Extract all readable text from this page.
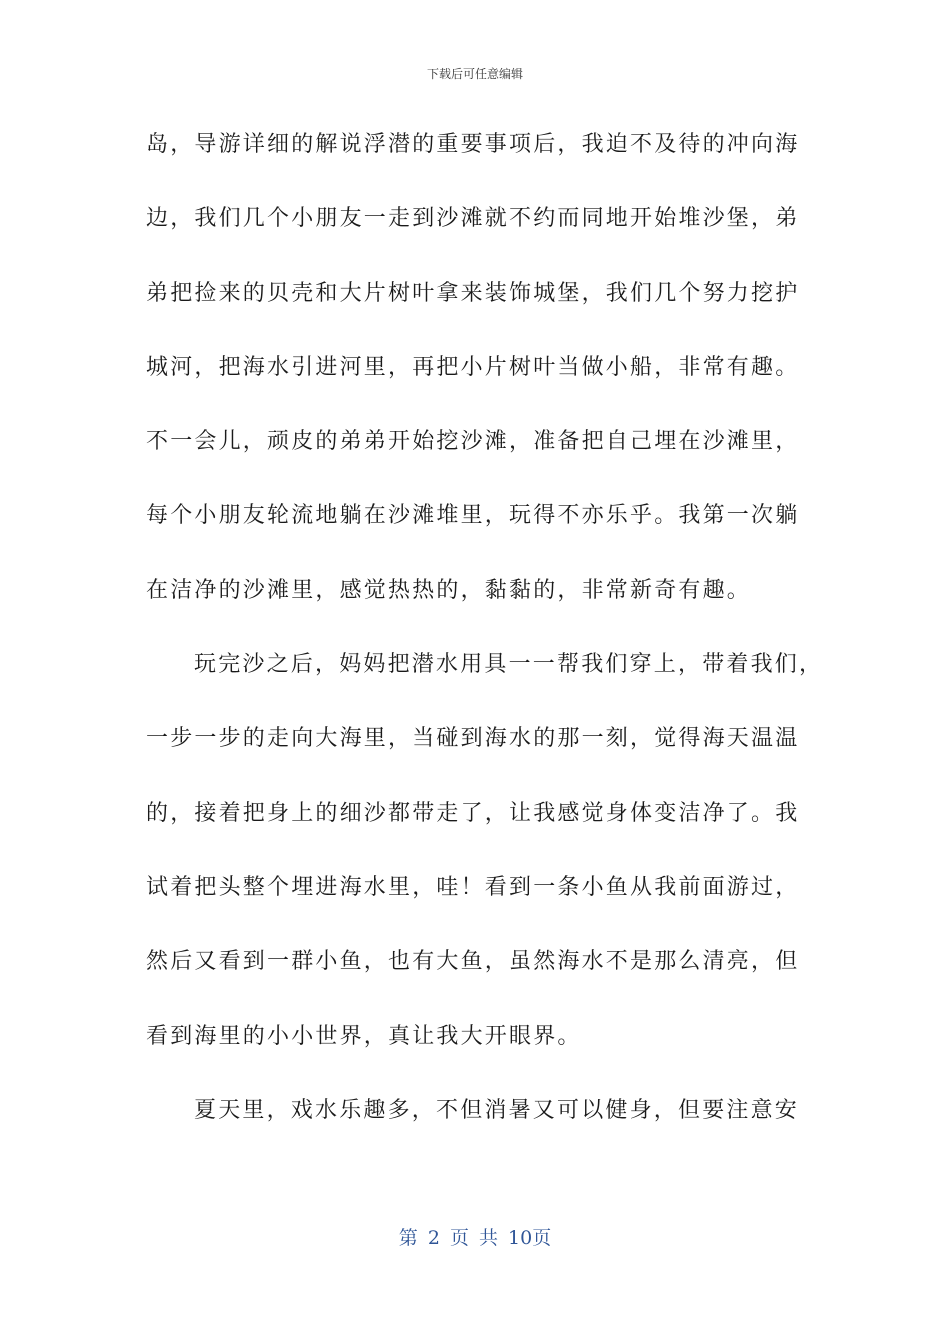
下载后可任意编辑
岛，导游详细的解说浮潜的重要事项后，我迫不及待的冲向海
边，我们几个小朋友一走到沙滩就不约而同地开始堆沙堡，弟
弟把捡来的贝壳和大片树叶拿来装饰城堡，我们几个努力挖护
城河，把海水引进河里，再把小片树叶当做小船，非常有趣。
不一会儿，顽皮的弟弟开始挖沙滩，准备把自己埋在沙滩里，
每个小朋友轮流地躺在沙滩堆里，玩得不亦乐乎。我第一次躺
在洁净的沙滩里，感觉热热的，黏黏的，非常新奇有趣。
玩完沙之后，妈妈把潜水用具一一帮我们穿上，带着我们，
一步一步的走向大海里，当碰到海水的那一刻，觉得海天温温
的，接着把身上的细沙都带走了，让我感觉身体变洁净了。我
试着把头整个埋进海水里，哇！看到一条小鱼从我前面游过，
然后又看到一群小鱼，也有大鱼，虽然海水不是那么清亮，但
看到海里的小小世界，真让我大开眼界。
夏天里，戏水乐趣多，不但消暑又可以健身，但要注意安
第 2 页 共 10页
